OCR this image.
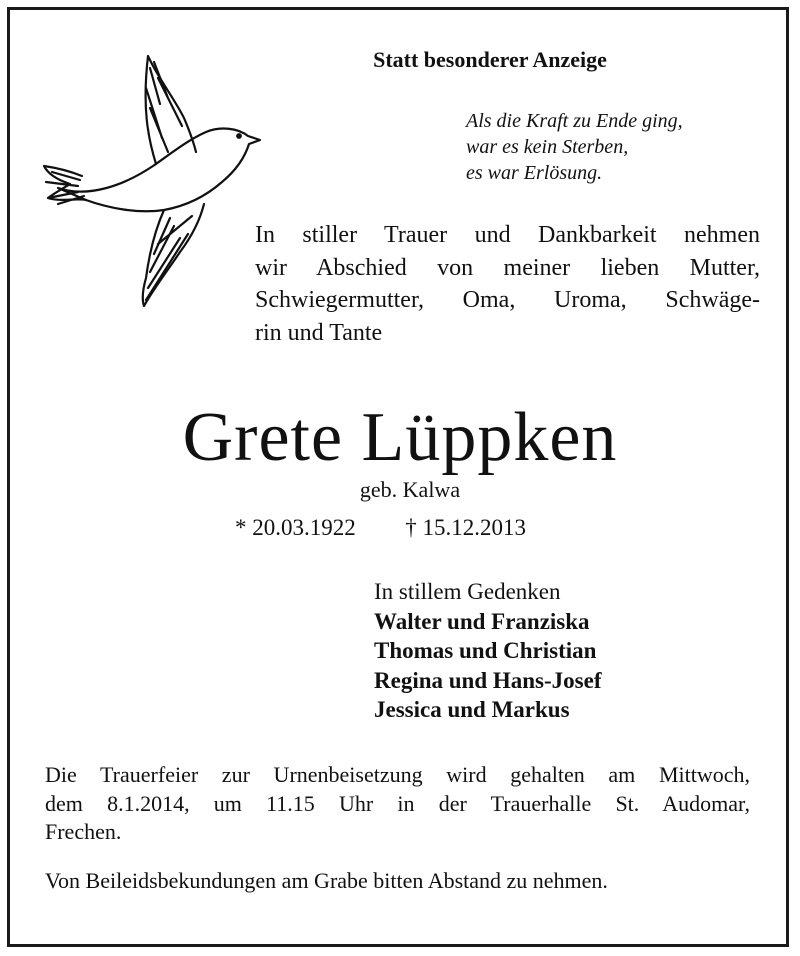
Statt besonderer Anzeige
Als die Kraft zu Ende ging,
war es kein Sterben,
es war Erlösung.
In stiller Trauer und Dankbarkeit nehmen
wir Abschied von meiner lieben Mutter,
Schwiegermutter, Oma, Uroma, Schwäge-
rin und Tante
Grete Lüppken
geb. Kalwa
* 20.03.1922 † 15.12.2013
In stillem Gedenken
Walter und Franziska
Thomas und Christian
Regina und Hans-Josef
Jessica und Markus
Die Trauerfeier zur Urnenbeisetzung wird gehalten am Mittwoch,
dem 8.1.2014, um 11.15 Uhr in der Trauerhalle St. Audomar,
Frechen.
Von Beileidsbekundungen am Grabe bitten Abstand zu nehmen.
